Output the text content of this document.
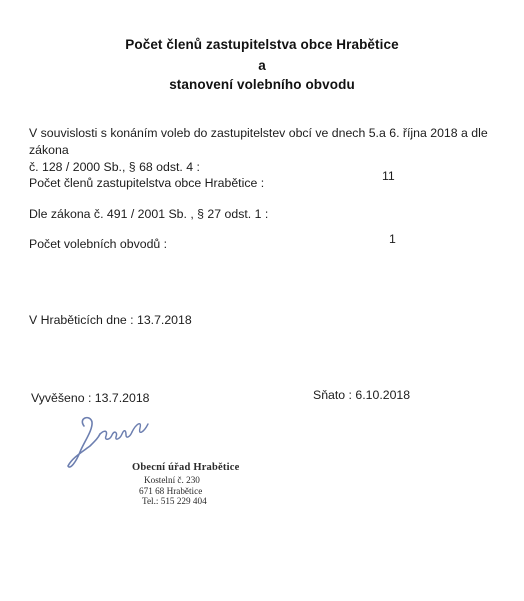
Počet členů zastupitelstva obce Hrabětice
a
stanovení volebního obvodu
V souvislosti s konáním voleb do zastupitelstev obcí ve dnech 5.a 6. října 2018 a dle zákona
č. 128 / 2000 Sb., § 68 odst. 4 :
Počet členů zastupitelstva obce Hrabětice :	11
Dle zákona č. 491 / 2001 Sb. , § 27 odst. 1 :
Počet volebních obvodů :	1
V Hraběticích dne : 13.7.2018
Vyvěšeno : 13.7.2018	Sňato : 6.10.2018
Obecní úřad Hrabětice
Kostelní č. 230
671 68 Hrabětice
Tel.: 515 229 404
